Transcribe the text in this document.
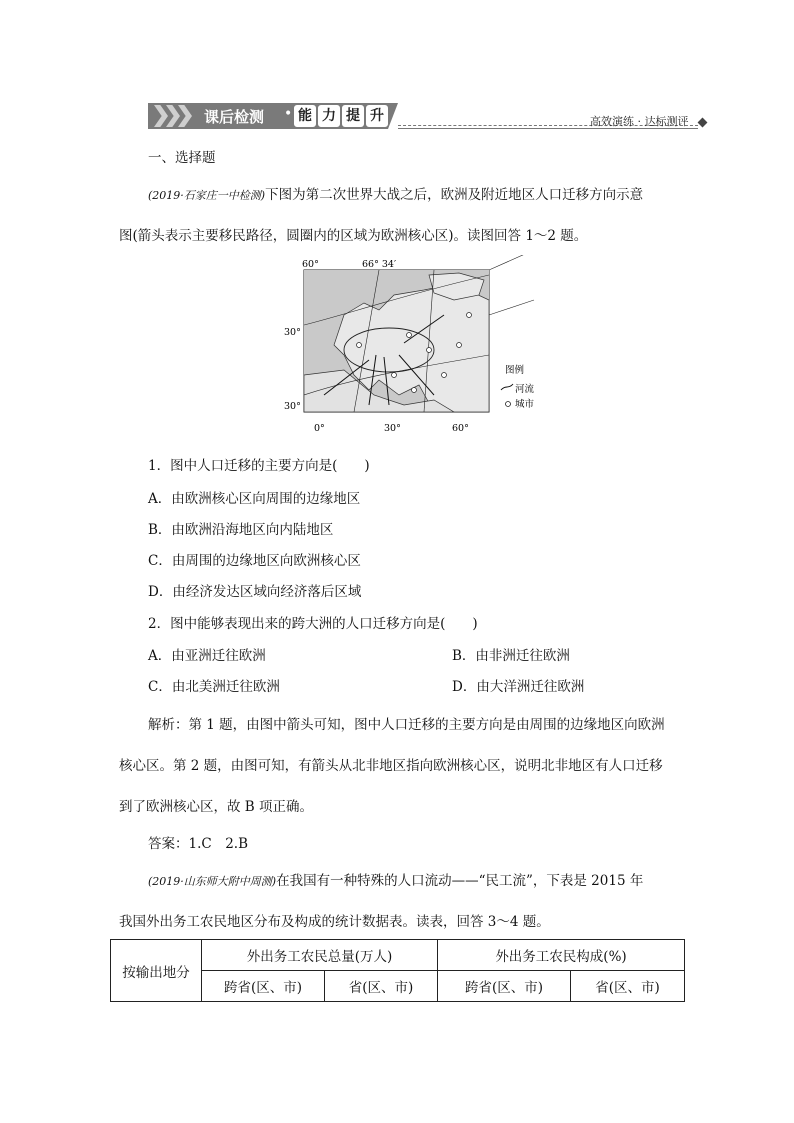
课后检测 • 能 力 提 升	高效演练 · 达标测评
一、选择题
(2019·石家庄一中检测)下图为第二次世界大战之后，欧洲及附近地区人口迁移方向示意
图(箭头表示主要移民路径，圆圈内的区域为欧洲核心区)。读图回答 1～2 题。
60°	66° 34′
30°
30°
0°	30°	60°
图例
河流
城市
1．图中人口迁移的主要方向是(　　)
A．由欧洲核心区向周围的边缘地区
B．由欧洲沿海地区向内陆地区
C．由周围的边缘地区向欧洲核心区
D．由经济发达区域向经济落后区域
2．图中能够表现出来的跨大洲的人口迁移方向是(　　)
A．由亚洲迁往欧洲	B．由非洲迁往欧洲
C．由北美洲迁往欧洲	D．由大洋洲迁往欧洲
解析：第 1 题，由图中箭头可知，图中人口迁移的主要方向是由周围的边缘地区向欧洲
核心区。第 2 题，由图可知，有箭头从北非地区指向欧洲核心区，说明北非地区有人口迁移
到了欧洲核心区，故 B 项正确。
答案：1.C　2.B
(2019·山东师大附中周测)在我国有一种特殊的人口流动——“民工流”，下表是 2015 年
我国外出务工农民地区分布及构成的统计数据表。读表，回答 3～4 题。
按输出地分	外出务工农民总量(万人)		外出务工农民构成(%)	
	跨省(区、市)	省(区、市)	跨省(区、市)	省(区、市)
